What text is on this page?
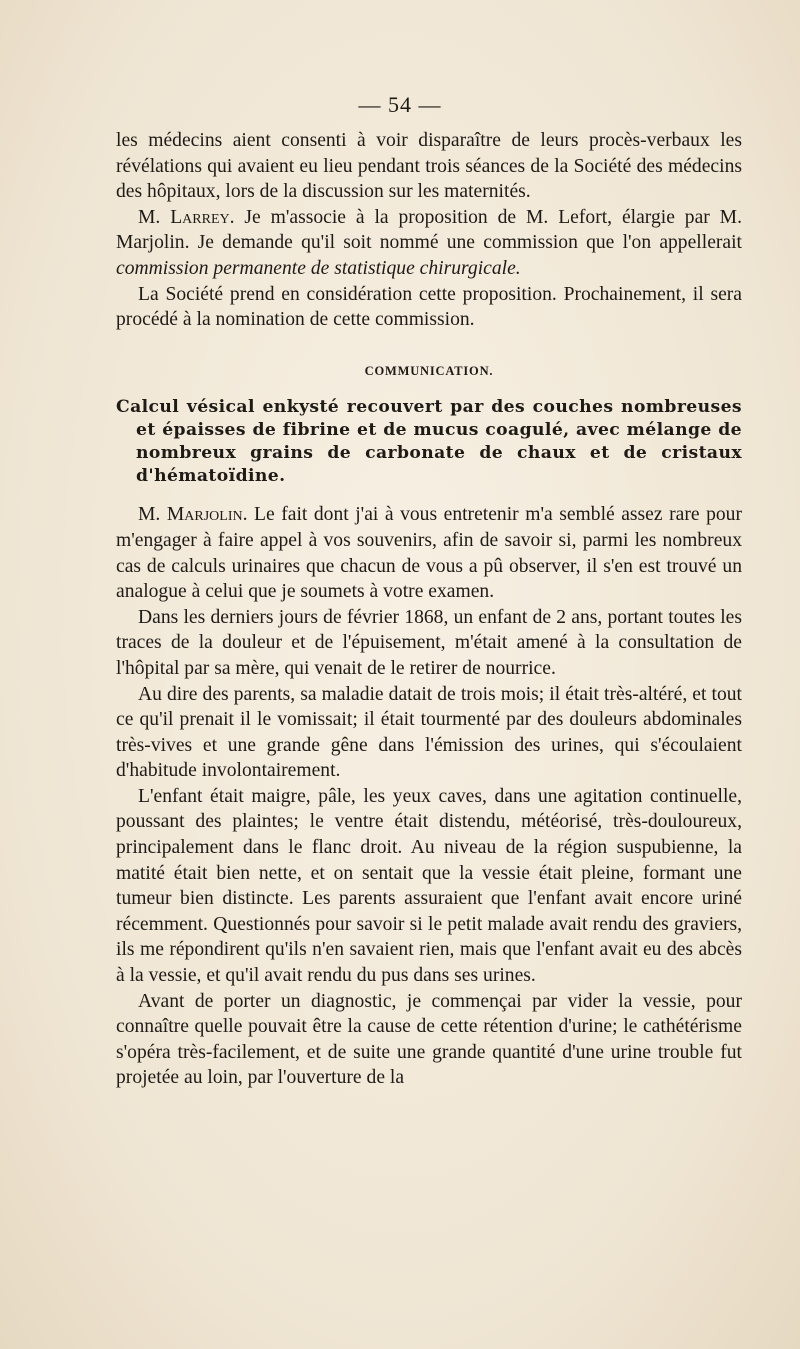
— 54 —

les médecins aient consenti à voir disparaître de leurs procès-verbaux les révélations qui avaient eu lieu pendant trois séances de la Société des médecins des hôpitaux, lors de la discussion sur les maternités.

M. Larrey. Je m'associe à la proposition de M. Lefort, élargie par M. Marjolin. Je demande qu'il soit nommé une commission que l'on appellerait commission permanente de statistique chirurgicale.

La Société prend en considération cette proposition. Prochainement, il sera procédé à la nomination de cette commission.

COMMUNICATION.
Calcul vésical enkysté recouvert par des couches nombreuses et épaisses de fibrine et de mucus coagulé, avec mélange de nombreux grains de carbonate de chaux et de cristaux d'hématoïdine.

M. Marjolin. Le fait dont j'ai à vous entretenir m'a semblé assez rare pour m'engager à faire appel à vos souvenirs, afin de savoir si, parmi les nombreux cas de calculs urinaires que chacun de vous a pû observer, il s'en est trouvé un analogue à celui que je soumets à votre examen.

Dans les derniers jours de février 1868, un enfant de 2 ans, portant toutes les traces de la douleur et de l'épuisement, m'était amené à la consultation de l'hôpital par sa mère, qui venait de le retirer de nourrice.

Au dire des parents, sa maladie datait de trois mois; il était très-altéré, et tout ce qu'il prenait il le vomissait; il était tourmenté par des douleurs abdominales très-vives et une grande gêne dans l'émission des urines, qui s'écoulaient d'habitude involontairement.

L'enfant était maigre, pâle, les yeux caves, dans une agitation continuelle, poussant des plaintes; le ventre était distendu, météorisé, très-douloureux, principalement dans le flanc droit. Au niveau de la région suspubienne, la matité était bien nette, et on sentait que la vessie était pleine, formant une tumeur bien distincte. Les parents assuraient que l'enfant avait encore uriné récemment. Questionnés pour savoir si le petit malade avait rendu des graviers, ils me répondirent qu'ils n'en savaient rien, mais que l'enfant avait eu des abcès à la vessie, et qu'il avait rendu du pus dans ses urines.

Avant de porter un diagnostic, je commençai par vider la vessie, pour connaître quelle pouvait être la cause de cette rétention d'urine; le cathétérisme s'opéra très-facilement, et de suite une grande quantité d'une urine trouble fut projetée au loin, par l'ouverture de la
